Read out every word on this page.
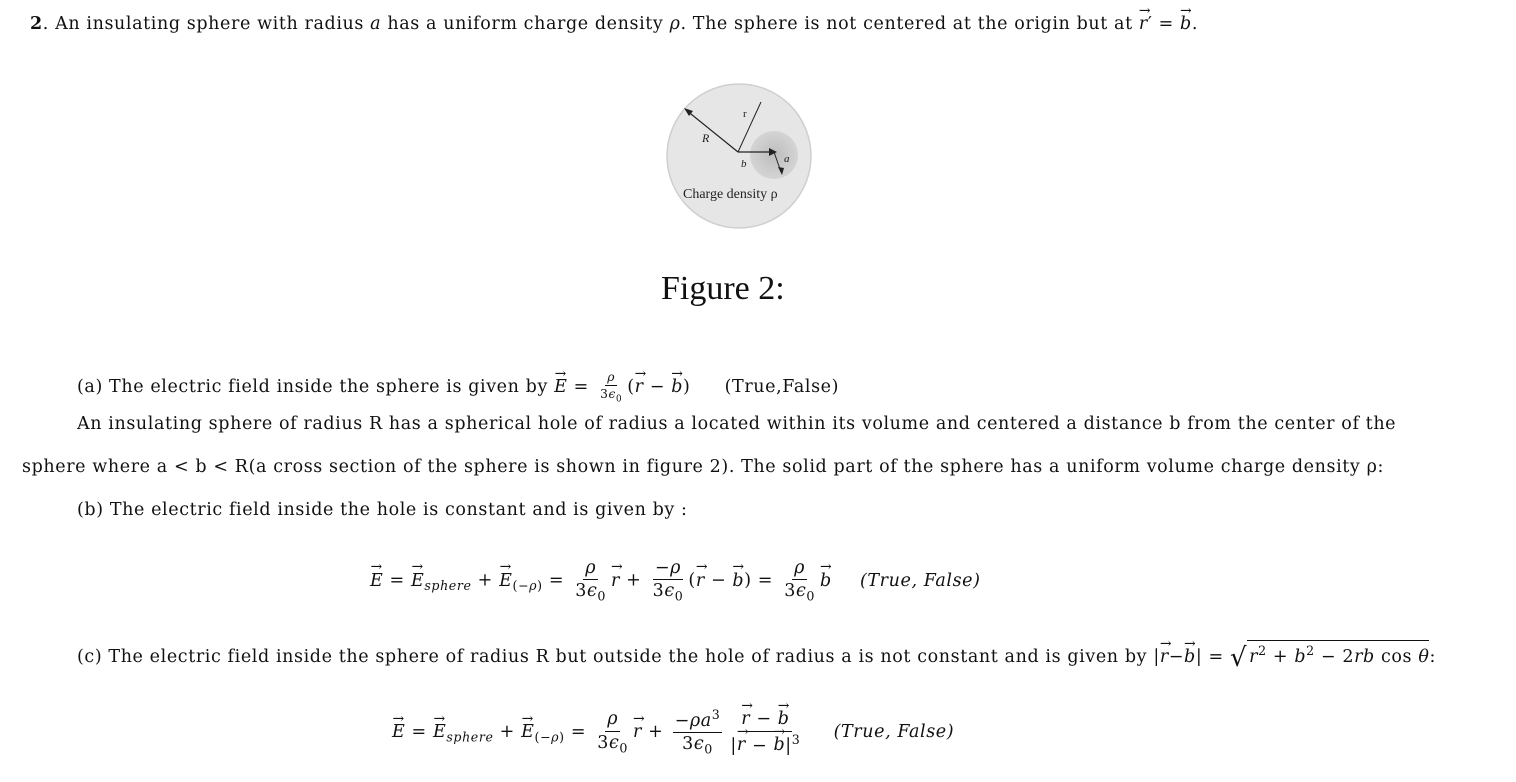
2. An insulating sphere with radius a has a uniform charge density ρ. The sphere is not centered at the origin but at → r′ = → b.
r
R
b	a
Charge density ρ
Figure 2:
(a) The electric field inside the sphere is given by → $E = \frac{\rho}{3\epsilon_0}$ (→ r − → b) (True,False)
An insulating sphere of radius R has a spherical hole of radius a located within its volume and centered a distance b from the center of the
sphere where a < b < R(a cross section of the sphere is shown in figure 2). The solid part of the sphere has a uniform volume charge density ρ:
(b) The electric field inside the hole is constant and is given by :
→ E = → $E_{sphere}$ + → $E_{(-\rho)} = \frac{\rho}{3\epsilon_0}$
→ $r + \frac{-\rho}{3\epsilon_0}$ (→ r − → $b) = \frac{\rho}{3\epsilon_0}$
→ b (True, False)
(c) The electric field inside the sphere of radius R but outside the hole of radius a is not constant and is given by |→ r−→ b| = √ $r^2 + b^2 - 2rb$ cos θ:
→ E = → $E_{sphere}$ + → $E_{(-\rho)} = \frac{\rho}{3\epsilon_0}$
→ $r + \frac{-\rho a^3}{3\epsilon_0}$
→ $\frac{r - \to b}{|\to r - \to b|^3}$ (True, False)
